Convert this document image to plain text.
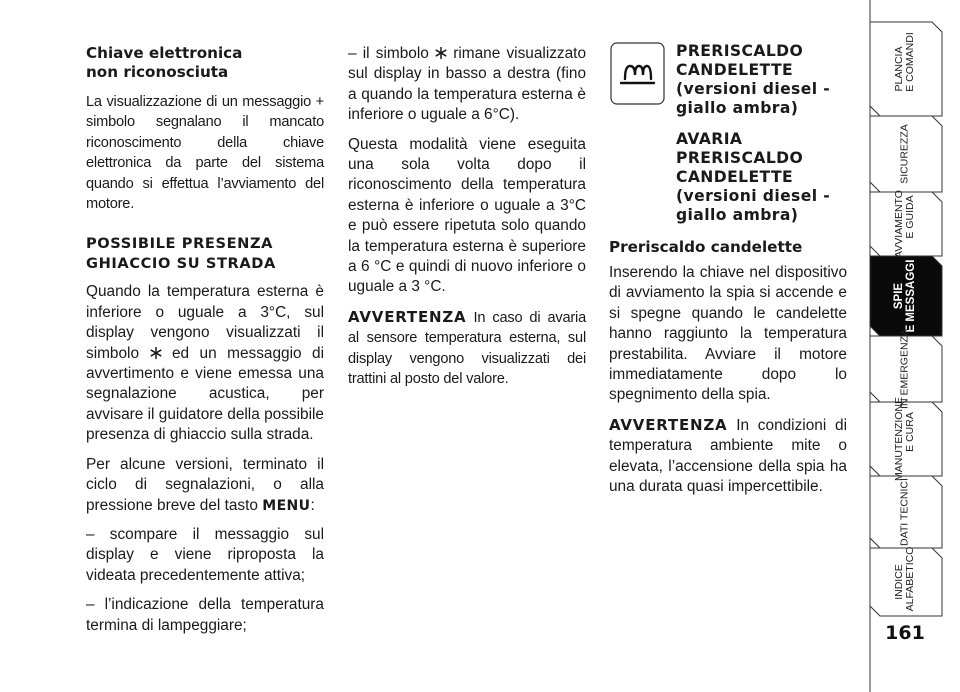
Chiave elettronica
non riconosciuta

La visualizzazione di un messaggio + simbolo segnalano il mancato riconoscimento della chiave elettronica da parte del sistema quando si effettua l’avviamento del motore.

POSSIBILE PRESENZA
GHIACCIO SU STRADA

Quando la temperatura esterna è inferiore o uguale a 3°C, sul display vengono visualizzati il simbolo ed un messaggio di avvertimento e viene emessa una segnalazione acustica, per avvisare il guidatore della possibile presenza di ghiaccio sulla strada.

Per alcune versioni, terminato il ciclo di segnalazioni, o alla pressione breve del tasto MENU:

– scompare il messaggio sul display e viene riproposta la videata precedentemente attiva;

– l’indicazione della temperatura termina di lampeggiare;

– il simbolo rimane visualizzato sul display in basso a destra (fino a quando la temperatura esterna è inferiore o uguale a 6°C).

Questa modalità viene eseguita una sola volta dopo il riconoscimento della temperatura esterna è inferiore o uguale a 3°C e può essere ripetuta solo quando la temperatura esterna è superiore a 6 °C e quindi di nuovo inferiore o uguale a 3 °C.

AVVERTENZA In caso di avaria al sensore temperatura esterna, sul display vengono visualizzati dei trattini al posto del valore.

PRERISCALDO
CANDELETTE
(versioni diesel -
giallo ambra)
AVARIA
PRERISCALDO
CANDELETTE
(versioni diesel -
giallo ambra)
Preriscaldo candelette

Inserendo la chiave nel dispositivo di avviamento la spia si accende e si spegne quando le candelette hanno raggiunto la temperatura prestabilita. Avviare il motore immediatamente dopo lo spegnimento della spia.

AVVERTENZA In condizioni di temperatura ambiente mite o elevata, l’accensione della spia ha una durata quasi impercettibile.

PLANCIA E COMANDI
SICUREZZA
AVVIAMENTO E GUIDA
SPIE E MESSAGGI
IN EMERGENZA
MANUTENZIONE E CURA
DATI TECNICI
INDICE ALFABETICO
161
